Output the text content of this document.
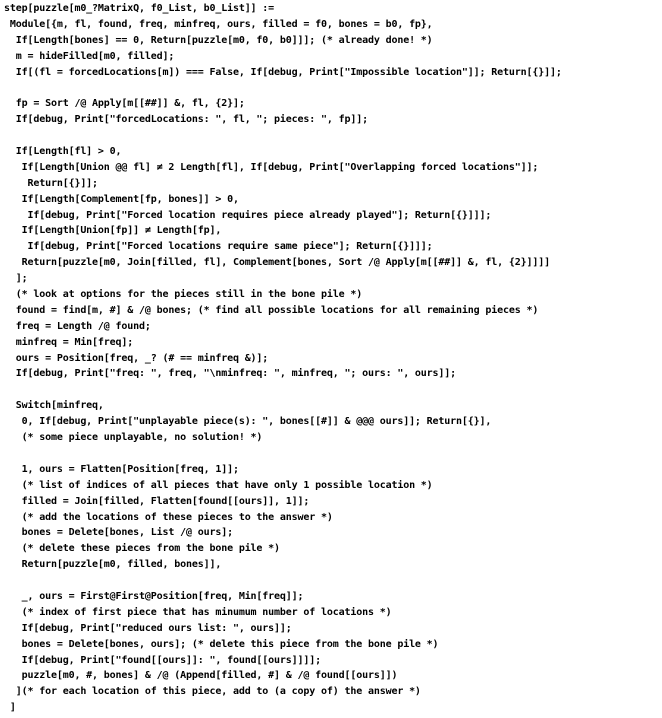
step[puzzle[m0_?MatrixQ, f0_List, b0_List]] :=
Module[{m, fl, found, freq, minfreq, ours, filled = f0, bones = b0, fp},
If[Length[bones] == 0, Return[puzzle[m0, f0, b0]]]; (* already done! *)
m = hideFilled[m0, filled];
If[(fl = forcedLocations[m]) === False, If[debug, Print["Impossible location"]]; Return[{}]];
fp = Sort /@ Apply[m[[##]] &, fl, {2}];
If[debug, Print["forcedLocations: ", fl, "; pieces: ", fp]];
If[Length[fl] > 0,
If[Length[Union @@ fl] ≠ 2 Length[fl], If[debug, Print["Overlapping forced locations"]];
Return[{}]];
If[Length[Complement[fp, bones]] > 0,
If[debug, Print["Forced location requires piece already played"]; Return[{}]]];
If[Length[Union[fp]] ≠ Length[fp],
If[debug, Print["Forced locations require same piece"]; Return[{}]]];
Return[puzzle[m0, Join[filled, fl], Complement[bones, Sort /@ Apply[m[[##]] &, fl, {2}]]]]
];
(* look at options for the pieces still in the bone pile *)
found = find[m, #] & /@ bones; (* find all possible locations for all remaining pieces *)
freq = Length /@ found;
minfreq = Min[freq];
ours = Position[freq, _? (# == minfreq &)];
If[debug, Print["freq: ", freq, "\nminfreq: ", minfreq, "; ours: ", ours]];
Switch[minfreq,
0, If[debug, Print["unplayable piece(s): ", bones[[#]] & @@@ ours]]; Return[{}],
(* some piece unplayable, no solution! *)
1, ours = Flatten[Position[freq, 1]];
(* list of indices of all pieces that have only 1 possible location *)
filled = Join[filled, Flatten[found[[ours]], 1]];
(* add the locations of these pieces to the answer *)
bones = Delete[bones, List /@ ours];
(* delete these pieces from the bone pile *)
Return[puzzle[m0, filled, bones]],
_, ours = First@First@Position[freq, Min[freq]];
(* index of first piece that has minumum number of locations *)
If[debug, Print["reduced ours list: ", ours]];
bones = Delete[bones, ours]; (* delete this piece from the bone pile *)
If[debug, Print["found[[ours]]: ", found[[ours]]]];
puzzle[m0, #, bones] & /@ (Append[filled, #] & /@ found[[ours]])
](* for each location of this piece, add to (a copy of) the answer *)
]
